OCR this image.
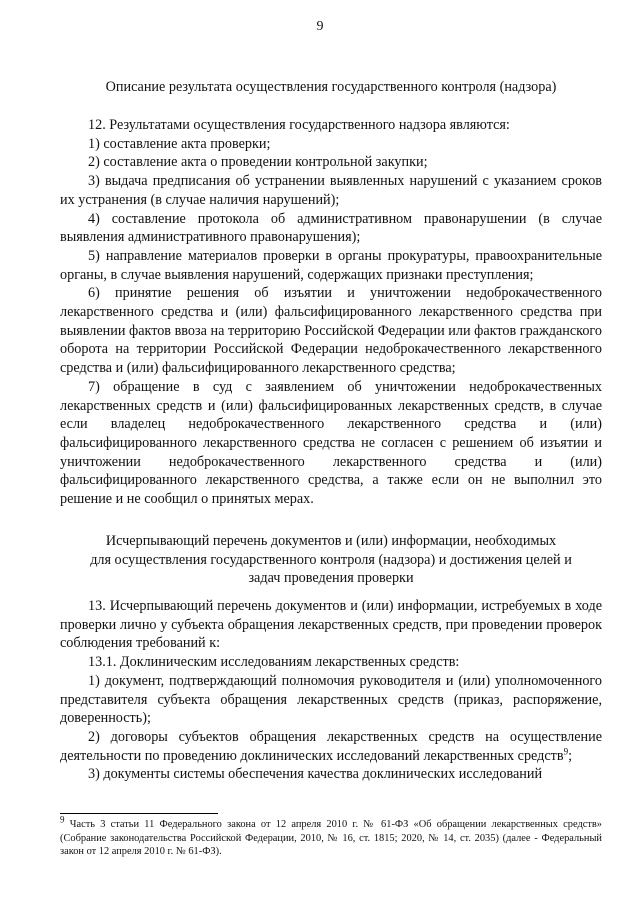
9
Описание результата осуществления государственного контроля (надзора)

12. Результатами осуществления государственного надзора являются:

1) составление акта проверки;

2) составление акта о проведении контрольной закупки;

3) выдача предписания об устранении выявленных нарушений с указанием сроков их устранения (в случае наличия нарушений);

4) составление протокола об административном правонарушении (в случае выявления административного правонарушения);

5) направление материалов проверки в органы прокуратуры, правоохранительные органы, в случае выявления нарушений, содержащих признаки преступления;

6) принятие решения об изъятии и уничтожении недоброкачественного лекарственного средства и (или) фальсифицированного лекарственного средства при выявлении фактов ввоза на территорию Российской Федерации или фактов гражданского оборота на территории Российской Федерации недоброкачественного лекарственного средства и (или) фальсифицированного лекарственного средства;

7) обращение в суд с заявлением об уничтожении недоброкачественных лекарственных средств и (или) фальсифицированных лекарственных средств, в случае если владелец недоброкачественного лекарственного средства и (или) фальсифицированного лекарственного средства не согласен с решением об изъятии и уничтожении недоброкачественного лекарственного средства и (или) фальсифицированного лекарственного средства, а также если он не выполнил это решение и не сообщил о принятых мерах.

Исчерпывающий перечень документов и (или) информации, необходимых
для осуществления государственного контроля (надзора) и достижения целей и
задач проведения проверки

13. Исчерпывающий перечень документов и (или) информации, истребуемых в ходе проверки лично у субъекта обращения лекарственных средств, при проведении проверок соблюдения требований к:

13.1. Доклиническим исследованиям лекарственных средств:

1) документ, подтверждающий полномочия руководителя и (или) уполномоченного представителя субъекта обращения лекарственных средств (приказ, распоряжение, доверенность);

2) договоры субъектов обращения лекарственных средств на осуществление деятельности по проведению доклинических исследований лекарственных средств$^9$;

3) документы системы обеспечения качества доклинических исследований

$^9$ Часть 3 статьи 11 Федерального закона от 12 апреля 2010 г. № 61-ФЗ «Об обращении лекарственных средств» (Собрание законодательства Российской Федерации, 2010, № 16, ст. 1815; 2020, № 14, ст. 2035) (далее - Федеральный закон от 12 апреля 2010 г. № 61-ФЗ).
